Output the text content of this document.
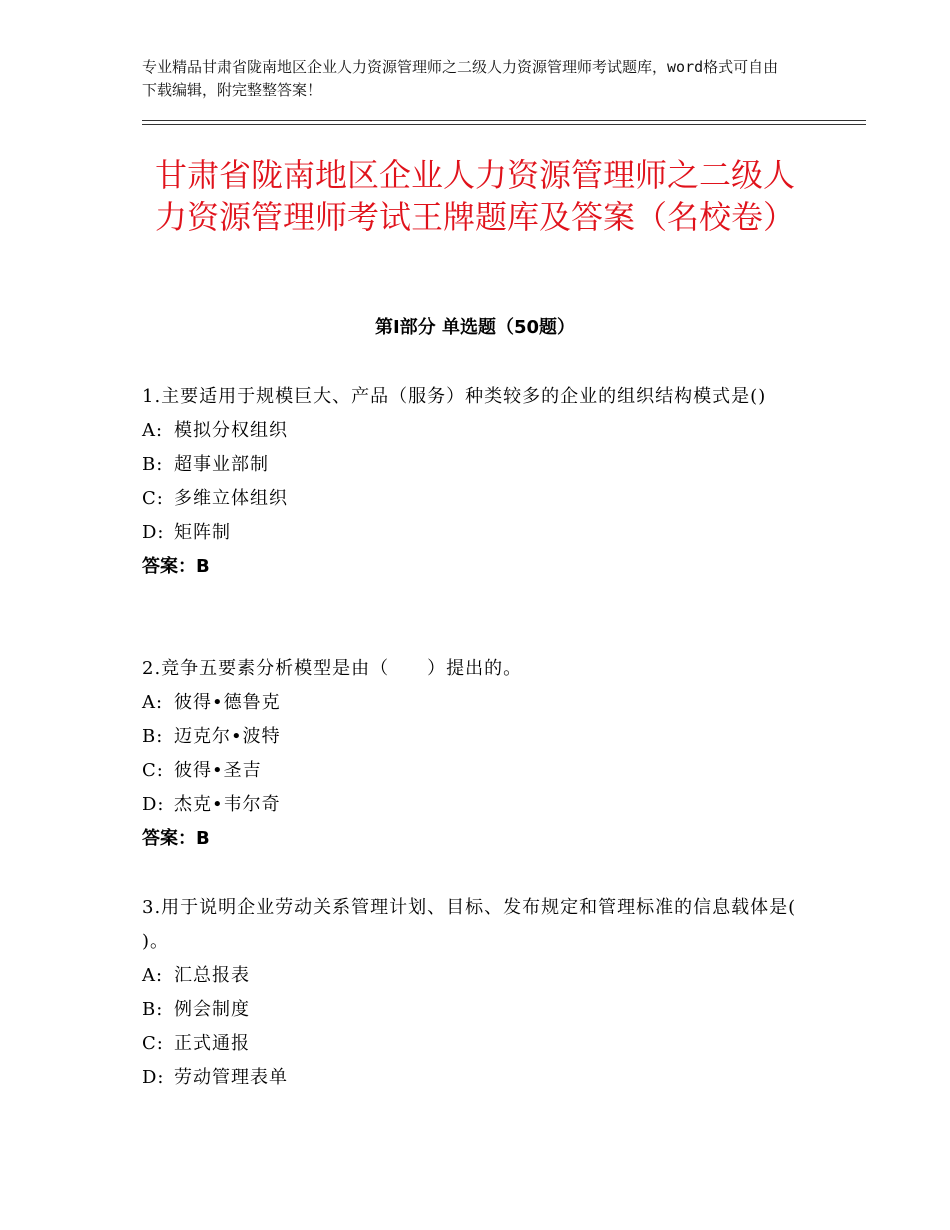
专业精品甘肃省陇南地区企业人力资源管理师之二级人力资源管理师考试题库，word格式可自由下载编辑，附完整整答案！
甘肃省陇南地区企业人力资源管理师之二级人力资源管理师考试王牌题库及答案（名校卷）
第Ⅰ部分 单选题（50题）

1.主要适用于规模巨大、产品（服务）种类较多的企业的组织结构模式是()

A: 模拟分权组织

B: 超事业部制

C: 多维立体组织

D: 矩阵制

答案：B

2.竞争五要素分析模型是由（　　）提出的。

A: 彼得•德鲁克

B: 迈克尔•波特

C: 彼得•圣吉

D: 杰克•韦尔奇

答案：B

3.用于说明企业劳动关系管理计划、目标、发布规定和管理标准的信息载体是( )。

A: 汇总报表

B: 例会制度

C: 正式通报

D: 劳动管理表单
